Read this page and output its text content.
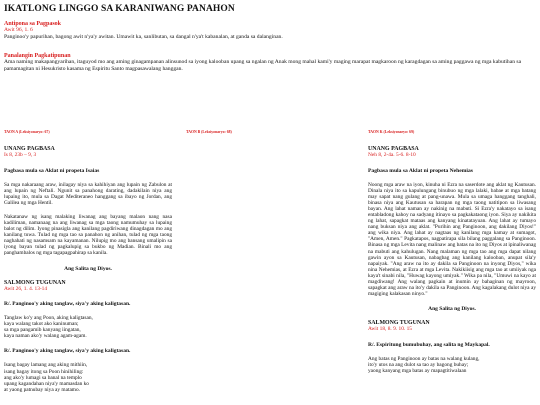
IKATLONG LINGGO SA KARANIWANG PANAHON
Antipona sa Pagpasok
Awit 96, 1. 6
Panginoo'y papurihan, bagong awit n'ya'y awitan. Umawit ka, sanlibutan, sa dangal n'ya't kabanalan, at ganda sa dalanginan.
Panalangin Pagkatipunan
Ama naming makapangyarihan, itaguyod mo ang aming ginagampanan alinsunod sa iyong kalooban upang sa ngalan ng Anak mong mahal kami'y maging marapat magkaroon ng karagdagan sa aming paggawa ng mga kabutihan sa pamamagitan ni Hesukristo kasama ng Espiritu Santo magpasawalang hanggan.
TAON A (Leksiyonaryo: 67)
UNANG PAGBASA
Is 8, 23b – 9, 3
Pagbasa mula sa Aklat ni propeta Isaias
Sa mga nakaraang araw, inilagay niya sa kahihiyan ang lupain ng Zabulon at ang lupain ng Neftali. Ngunit sa panahong darating, dadakilain niya ang lupaing ito, mula sa Dagat Mediteraneo hanggang sa ibayo ng Jordan, ang Galilea ng mga Hentil.
Nakatanaw ng isang malaking liwanag ang bayang malaon nang nasa kadiliman, namanaag na ang liwanag sa mga taong namumuhay sa lupaing balot ng dilim. Iyong pinasigla ang kanilang pagdiriwang dinagdagan mo ang kanilang tuwa. Tulad ng mga tao sa panahon ng anihan, tulad ng mga taong naghahati ng nasamsam na kayamanan. Nilupig mo ang bansang umalipin sa iyong bayan tulad ng pagkalupig sa bukbo ng Madian. Binali mo ang panghambalos ng mga tagapagpahirap sa kanila.
Ang Salita ng Diyos.
SALMONG TUGUNAN
Awit 26, 1. 4. 13-14
R/. Panginoo'y aking tanglaw, siya'y aking kaligtasan.
Tanglaw ko'y ang Poon, aking kaligtasan,
kaya walang takot ako kaninuman;
sa mga pangamib kanyang iingatan,
kaya naman ako'y walang agam-agam.
R/. Panginoo'y aking tanglaw, siya'y aking kaligtasan.
Isang bagay lamang ang aking mithiin,
isang bagay itong sa Poon hinihiling:
ang ako'y lumagi sa banal na templo
upang kagandahan niya'y mamasdan ko
at yaong patnubay niya ay matamo.
TAON B (Leksiyonaryo: 68)	TAON K (Leksiyonaryo: 69)
UNANG PAGBASA
Neh 8, 2-4a. 5-6. 8-10
Pagbasa mula sa Aklat ni propeta Nehemias
Noong mga araw na iyon, kinuha ni Ezra na saserdote ang aklat ng Kautusan. Dinala niya ito sa kapulungang binubuo ng mga lalaki, babae at mga batang may sapat nang gulang at pang-unawa. Mula sa umaga hanggang tanghali, binasa niya ang Kautusan sa harapan ng mga taong natitipon sa liwasang bayan. Ang lahat naman ay nakinig na mabuti. Si Ezra'y nakatayo sa isang entabladong kahoy na sadyang itinayo sa pagkakataong iyon. Siya ay nakikita ng lahat, sapagkat mataas ang kanyang kinatatayuan. Ang lahat ay tumayo nang buksan niya ang aklat. "Purihin ang Panginoon, ang dakilang Diyos!" ang wika niya. Ang lahat ay nagtaas ng kanilang mga kamay at sumagot, "Amen, Amen." Pagkatapos, nagpatirapa sila bilang paggalang sa Panginoon. Binasa ng mga Levita nang malinaw ang batas na ito ng Diyos at ipinaliwanag na mabuti ang kahulugan. Nang malaman ng mga tao ang mga dapat nilang gawin ayon sa Kautusan, nabagbag ang kanilang kalooban, anupat sila'y napaiyak. "Ang araw na ito ay dakila sa Panginoon na inyong Diyos," wika nina Nehemias, at Ezra at mga Levita. Nakikiisig ang mga tao at umiiyak nga kaya't sinabi nila, "Huwag kayong umiyak." Wika pa nila, "Umuwi na kayo at magdiwang! Ang walang pagkain at inumin ay bahaginan ng mayroon, sapagkat ang araw na ito'y dakila sa Panginoon. Ang kagalakang dulot niya ay magiging kalakasan ninyo."
Ang Salita ng Diyos.
SALMONG TUGUNAN
Awit 18, 8. 9. 10. 15
R/. Espiritung bumubuhay, ang salita ng Maykapal.
Ang batas ng Panginoon ay batas na walang kulang,
ito'y utos na ang dulot sa tao ay bagong buhay;
yaong kanyang mga batas ay mapagtitiwalaan
